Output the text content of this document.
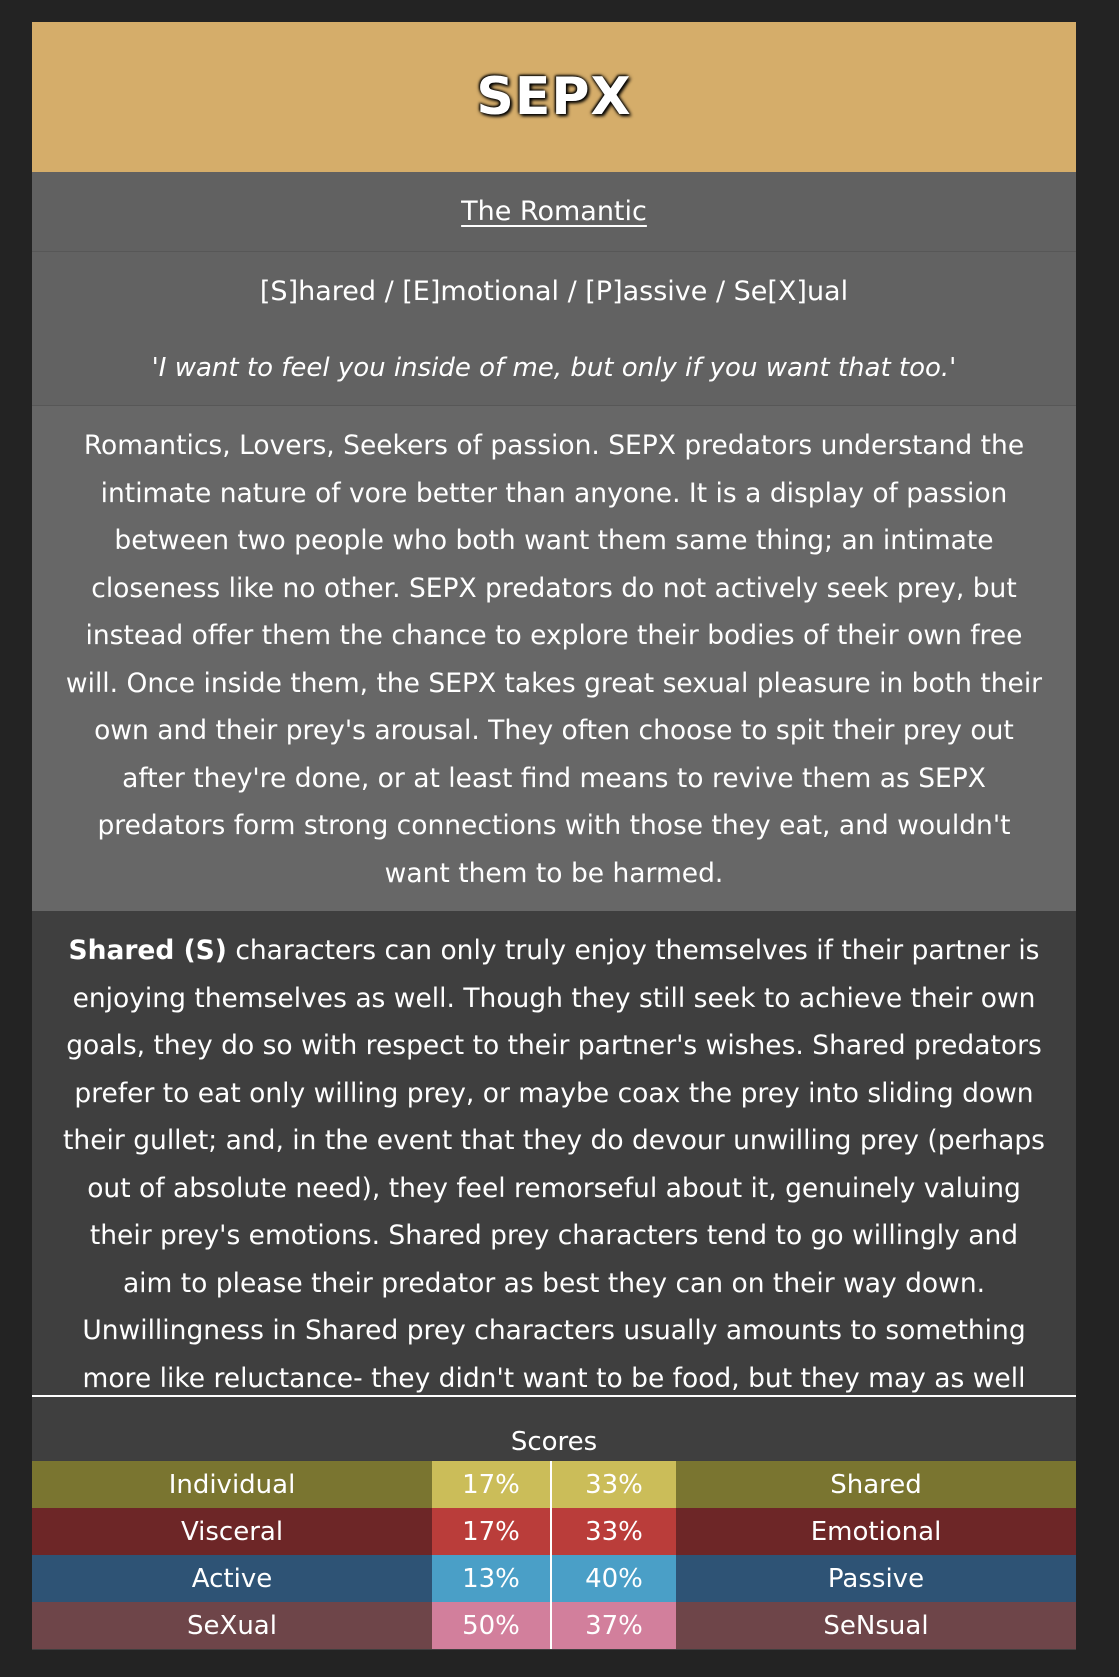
SEPX
The Romantic
[S]hared / [E]motional / [P]assive / Se[X]ual
'I want to feel you inside of me, but only if you want that too.'
Romantics, Lovers, Seekers of passion. SEPX predators understand the intimate nature of vore better than anyone. It is a display of passion between two people who both want them same thing; an intimate closeness like no other. SEPX predators do not actively seek prey, but instead offer them the chance to explore their bodies of their own free will. Once inside them, the SEPX takes great sexual pleasure in both their own and their prey's arousal. They often choose to spit their prey out after they're done, or at least find means to revive them as SEPX predators form strong connections with those they eat, and wouldn't want them to be harmed.
Shared (S) characters can only truly enjoy themselves if their partner is enjoying themselves as well. Though they still seek to achieve their own goals, they do so with respect to their partner's wishes. Shared predators prefer to eat only willing prey, or maybe coax the prey into sliding down their gullet; and, in the event that they do devour unwilling prey (perhaps out of absolute need), they feel remorseful about it, genuinely valuing their prey's emotions. Shared prey characters tend to go willingly and aim to please their predator as best they can on their way down. Unwillingness in Shared prey characters usually amounts to something more like reluctance- they didn't want to be food, but they may as well
Scores
Individual	17%	33%	Shared
Visceral	17%	33%	Emotional
Active	13%	40%	Passive
SeXual	50%	37%	SeNsual
